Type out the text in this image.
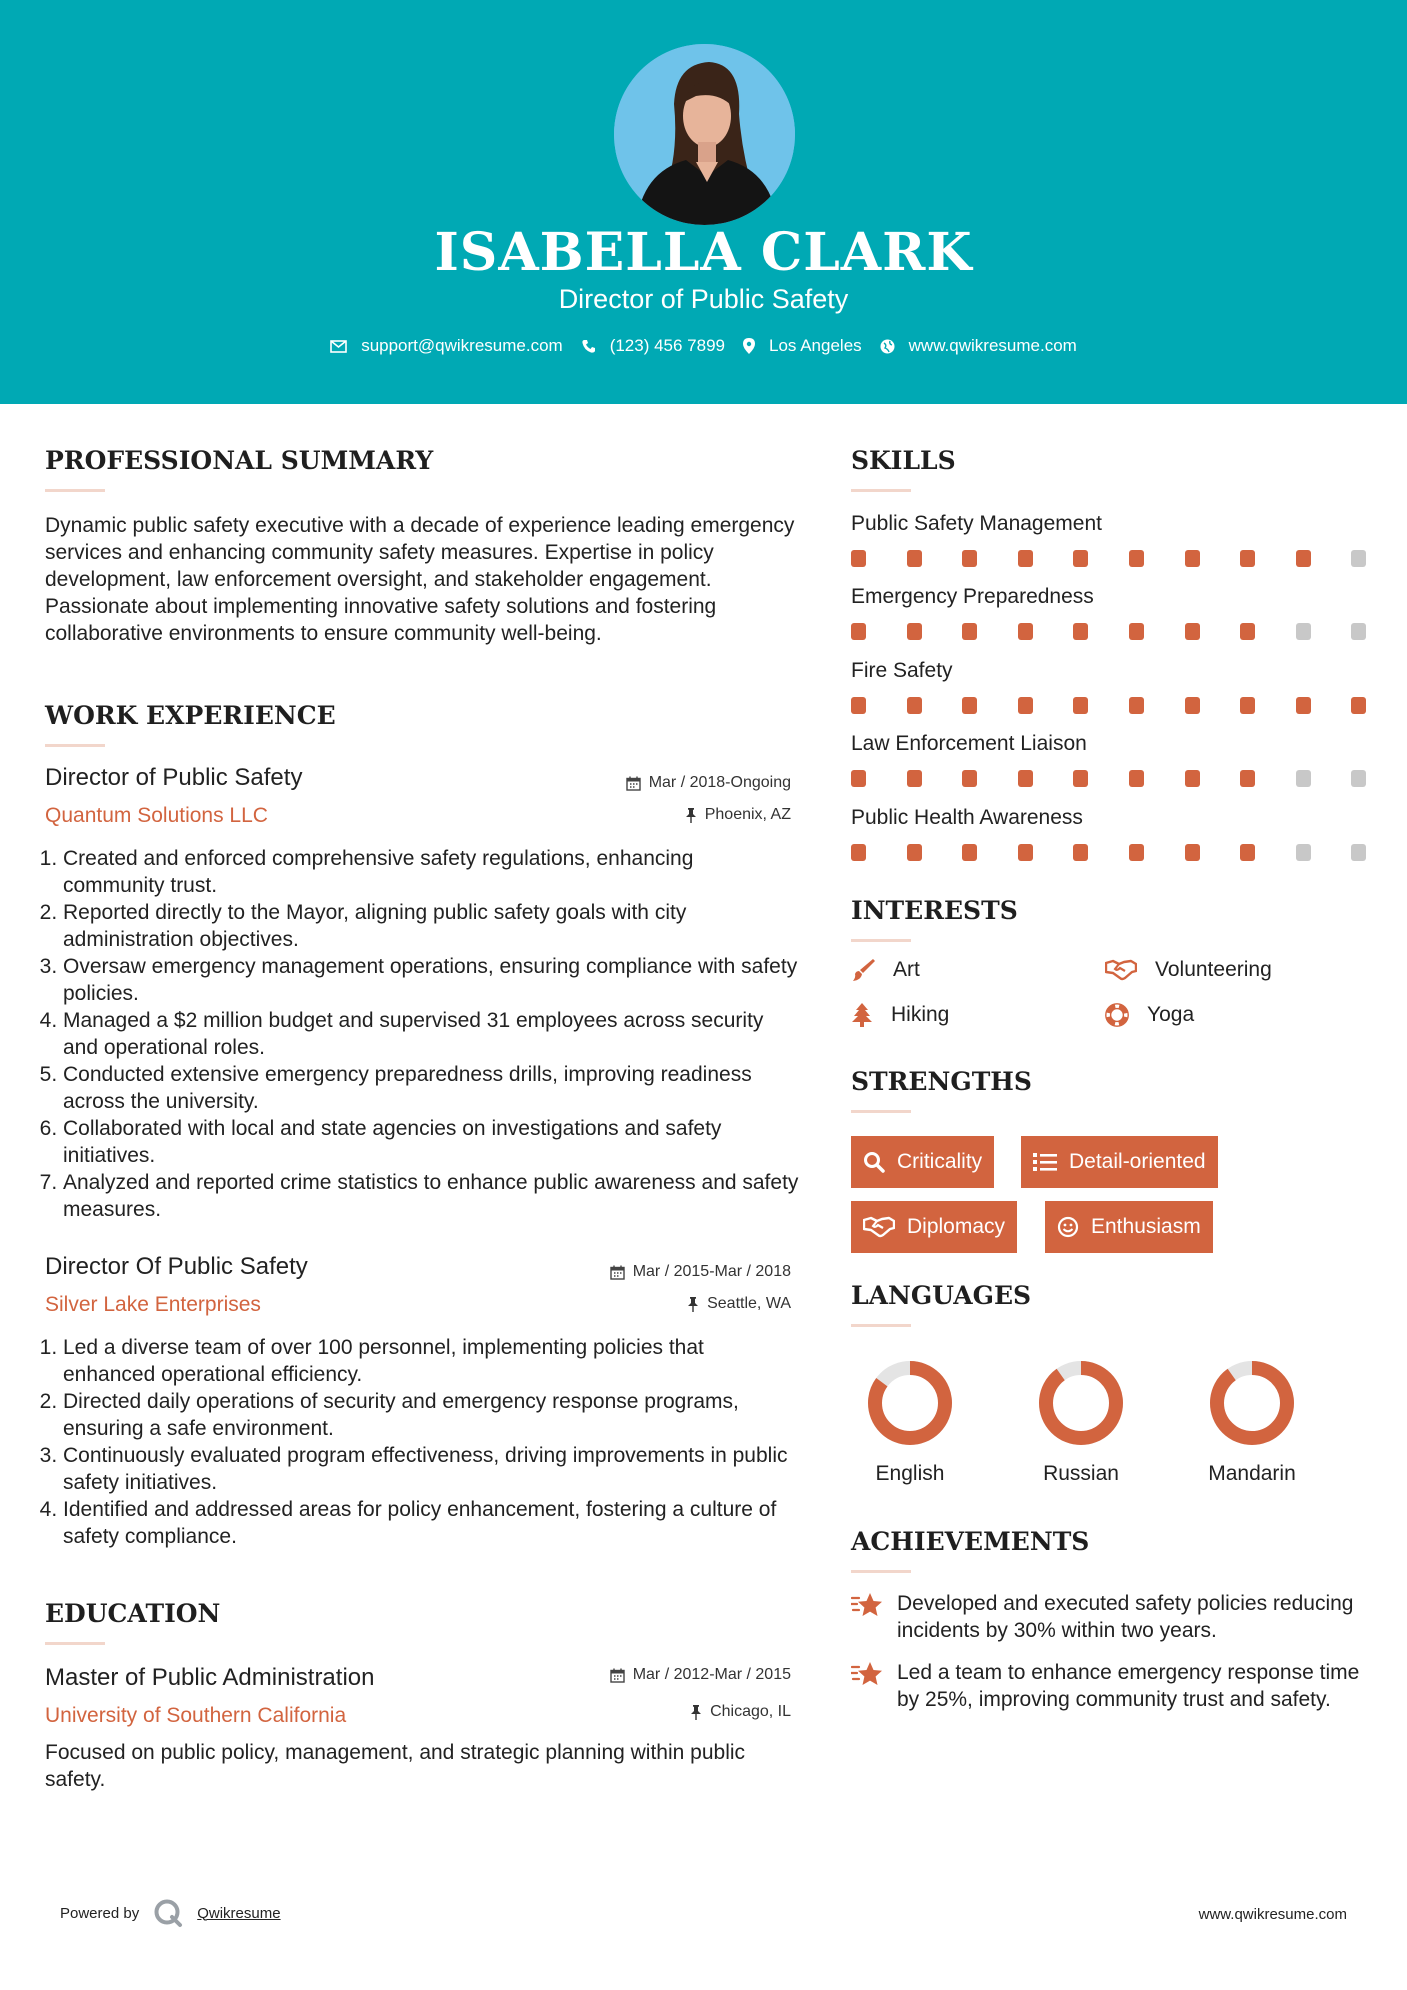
ISABELLA CLARK
Director of Public Safety
support@qwikresume.com	(123) 456 7899	Los Angeles	www.qwikresume.com
PROFESSIONAL SUMMARY
Dynamic public safety executive with a decade of experience leading emergency services and enhancing community safety measures. Expertise in policy development, law enforcement oversight, and stakeholder engagement. Passionate about implementing innovative safety solutions and fostering collaborative environments to ensure community well-being.
WORK EXPERIENCE
Director of Public Safety
Quantum Solutions LLC
Mar / 2018-Ongoing
Phoenix, AZ
1. Created and enforced comprehensive safety regulations, enhancing community trust.
2. Reported directly to the Mayor, aligning public safety goals with city administration objectives.
3. Oversaw emergency management operations, ensuring compliance with safety policies.
4. Managed a $2 million budget and supervised 31 employees across security and operational roles.
5. Conducted extensive emergency preparedness drills, improving readiness across the university.
6. Collaborated with local and state agencies on investigations and safety initiatives.
7. Analyzed and reported crime statistics to enhance public awareness and safety measures.
Director Of Public Safety
Silver Lake Enterprises
Mar / 2015-Mar / 2018
Seattle, WA
1. Led a diverse team of over 100 personnel, implementing policies that enhanced operational efficiency.
2. Directed daily operations of security and emergency response programs, ensuring a safe environment.
3. Continuously evaluated program effectiveness, driving improvements in public safety initiatives.
4. Identified and addressed areas for policy enhancement, fostering a culture of safety compliance.
EDUCATION
Master of Public Administration
University of Southern California
Mar / 2012-Mar / 2015
Chicago, IL
Focused on public policy, management, and strategic planning within public safety.
SKILLS
Public Safety Management
Emergency Preparedness
Fire Safety
Law Enforcement Liaison
Public Health Awareness
INTERESTS
Art	Volunteering
Hiking	Yoga
STRENGTHS
Criticality	Detail-oriented
Diplomacy	Enthusiasm
LANGUAGES
English	Russian	Mandarin
ACHIEVEMENTS
Developed and executed safety policies reducing incidents by 30% within two years.
Led a team to enhance emergency response time by 25%, improving community trust and safety.
Powered by	Qwikresume	www.qwikresume.com
